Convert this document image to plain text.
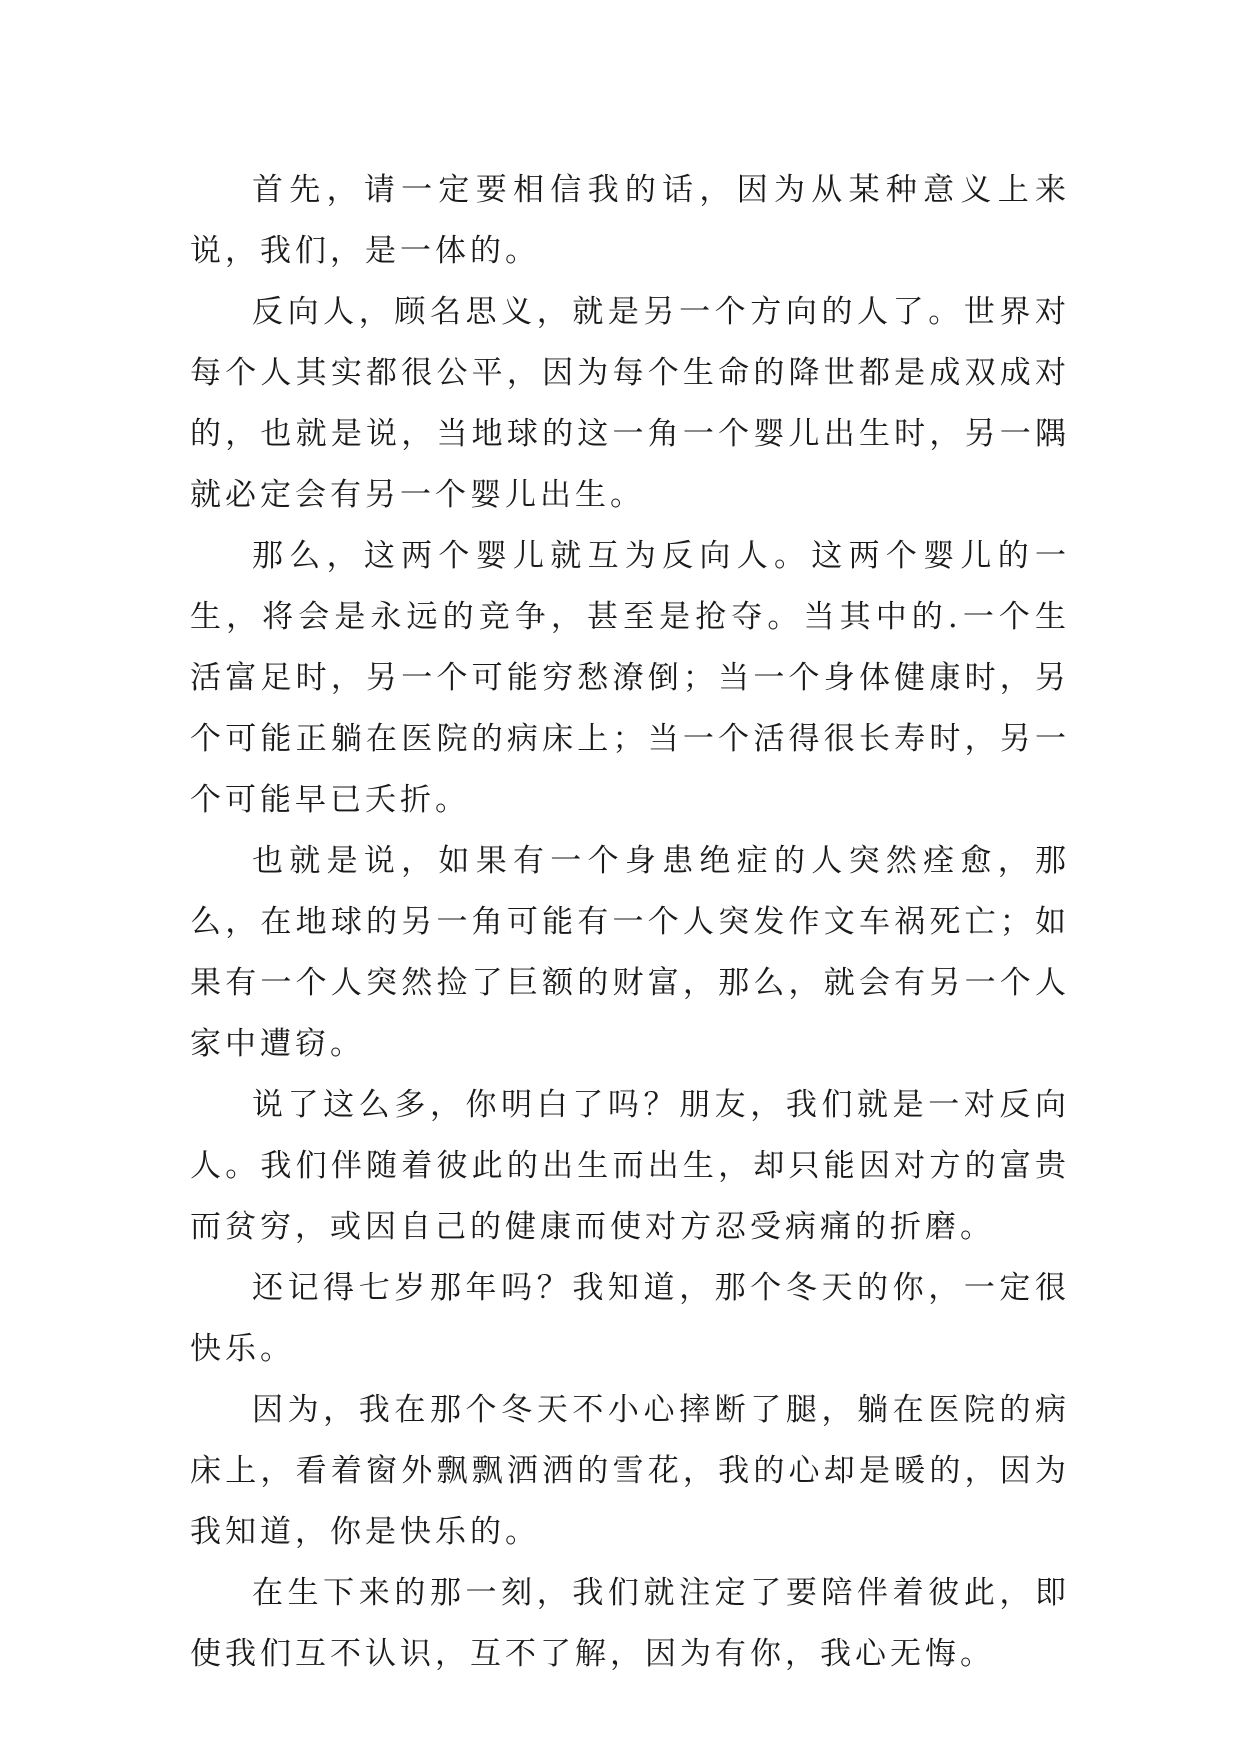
首先，请一定要相信我的话，因为从某种意义上来说，我们，是一体的。

反向人，顾名思义，就是另一个方向的人了。世界对每个人其实都很公平，因为每个生命的降世都是成双成对的，也就是说，当地球的这一角一个婴儿出生时，另一隅就必定会有另一个婴儿出生。

那么，这两个婴儿就互为反向人。这两个婴儿的一生，将会是永远的竞争，甚至是抢夺。当其中的.一个生活富足时，另一个可能穷愁潦倒；当一个身体健康时，另个可能正躺在医院的病床上；当一个活得很长寿时，另一个可能早已夭折。

也就是说，如果有一个身患绝症的人突然痊愈，那么，在地球的另一角可能有一个人突发作文车祸死亡；如果有一个人突然捡了巨额的财富，那么，就会有另一个人家中遭窃。

说了这么多，你明白了吗？朋友，我们就是一对反向人。我们伴随着彼此的出生而出生，却只能因对方的富贵而贫穷，或因自己的健康而使对方忍受病痛的折磨。

还记得七岁那年吗？我知道，那个冬天的你，一定很快乐。

因为，我在那个冬天不小心摔断了腿，躺在医院的病床上，看着窗外飘飘洒洒的雪花，我的心却是暖的，因为我知道，你是快乐的。

在生下来的那一刻，我们就注定了要陪伴着彼此，即使我们互不认识，互不了解，因为有你，我心无悔。
